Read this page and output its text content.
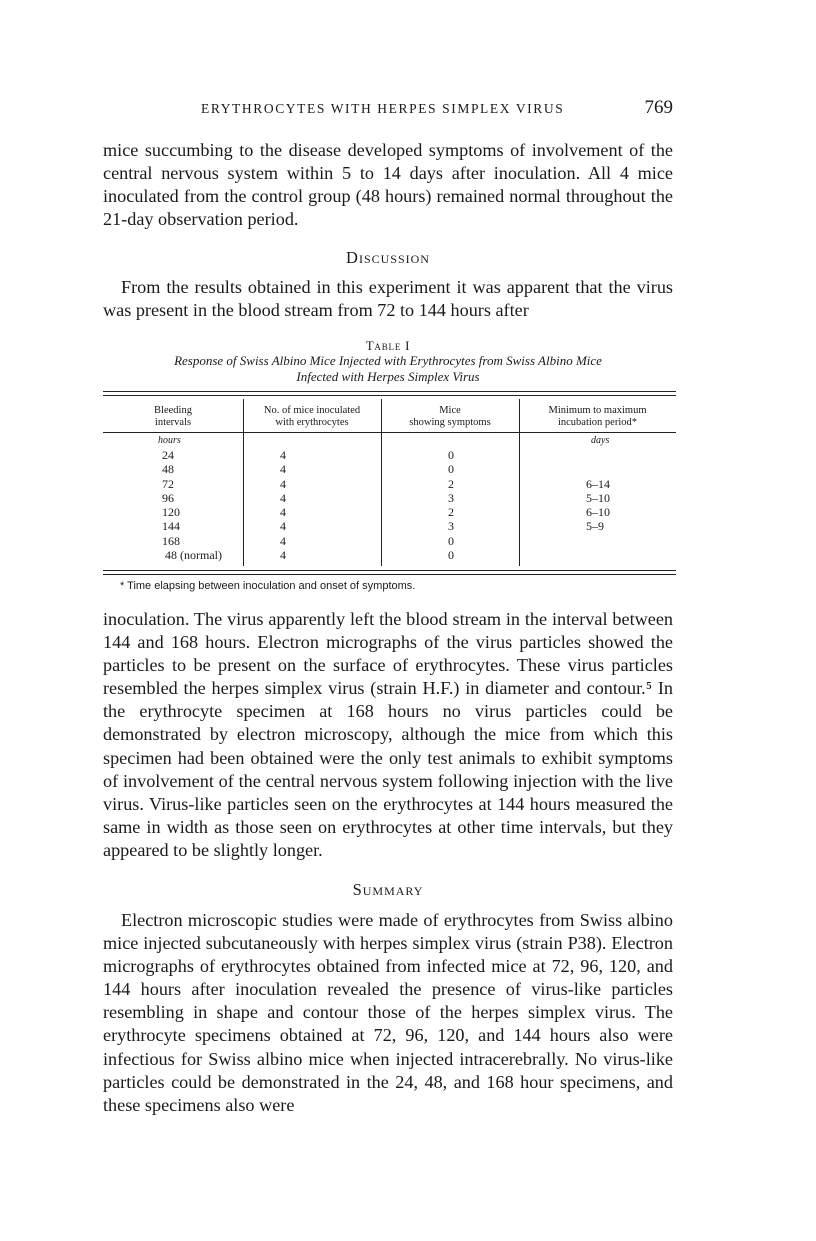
ERYTHROCYTES WITH HERPES SIMPLEX VIRUS	769

mice succumbing to the disease developed symptoms of involvement of the central nervous system within 5 to 14 days after inoculation. All 4 mice inoculated from the control group (48 hours) remained normal throughout the 21-day observation period.

Discussion

From the results obtained in this experiment it was apparent that the virus was present in the blood stream from 72 to 144 hours after

Table I
Response of Swiss Albino Mice Injected with Erythrocytes from Swiss Albino Mice
Infected with Herpes Simplex Virus
Bleeding
intervals
No. of mice inoculated
with erythrocytes
Mice
showing symptoms
Minimum to maximum
incubation period*
hours	days
24
48
72
96
120
144
168
48 (normal)
4
4
4
4
4
4
4
4
0
0
2
3
2
3
0
0
6–14
5–10
6–10
5–9
* Time elapsing between inoculation and onset of symptoms.

inoculation. The virus apparently left the blood stream in the interval between 144 and 168 hours. Electron micrographs of the virus particles showed the particles to be present on the surface of erythrocytes. These virus particles resembled the herpes simplex virus (strain H.F.) in diameter and contour.⁵ In the erythrocyte specimen at 168 hours no virus particles could be demonstrated by electron microscopy, although the mice from which this specimen had been obtained were the only test animals to exhibit symptoms of involvement of the central nervous system following injection with the live virus. Virus-like particles seen on the erythrocytes at 144 hours measured the same in width as those seen on erythrocytes at other time intervals, but they appeared to be slightly longer.

Summary

Electron microscopic studies were made of erythrocytes from Swiss albino mice injected subcutaneously with herpes simplex virus (strain P38). Electron micrographs of erythrocytes obtained from infected mice at 72, 96, 120, and 144 hours after inoculation revealed the presence of virus-like particles resembling in shape and contour those of the herpes simplex virus. The erythrocyte specimens obtained at 72, 96, 120, and 144 hours also were infectious for Swiss albino mice when injected intracerebrally. No virus-like particles could be demonstrated in the 24, 48, and 168 hour specimens, and these specimens also were
